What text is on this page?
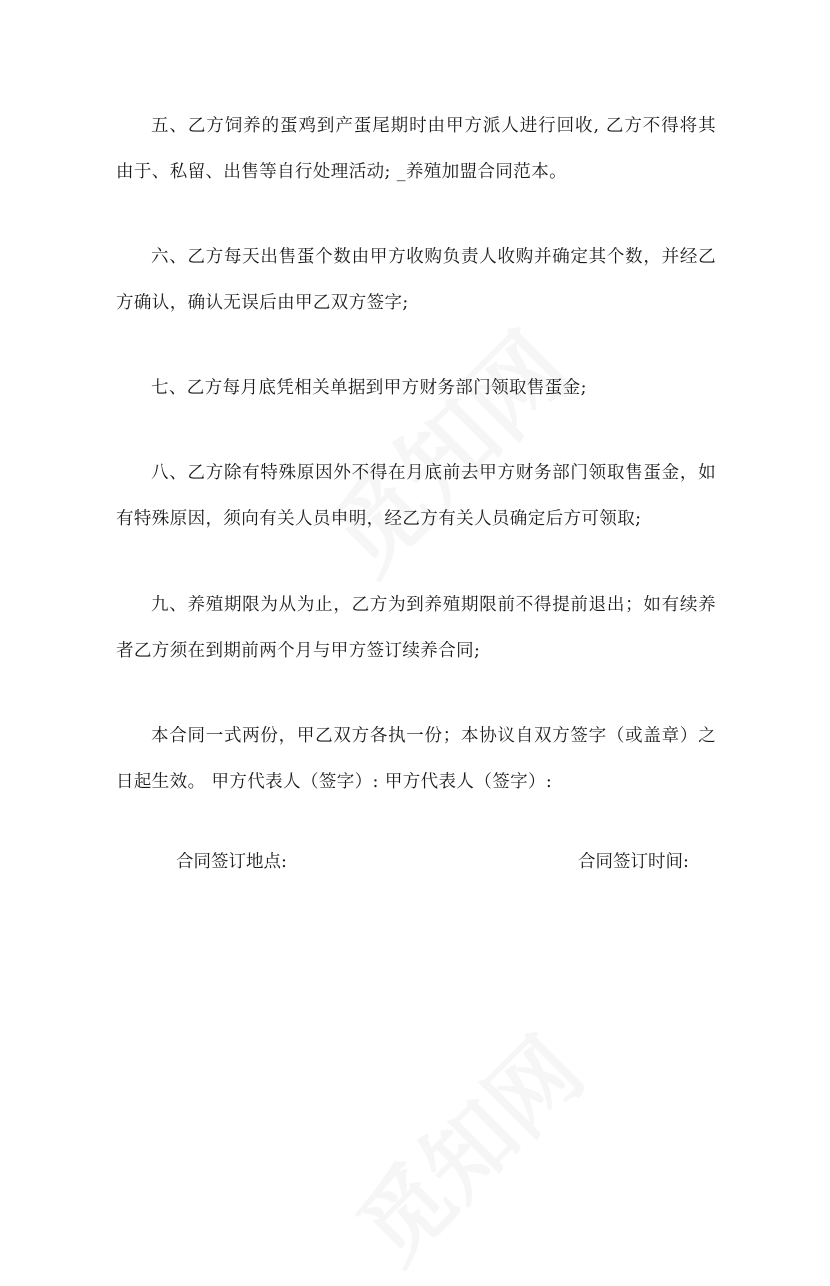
五、乙方饲养的蛋鸡到产蛋尾期时由甲方派人进行回收, 乙方不得将其由于、私留、出售等自行处理活动; _养殖加盟合同范本。

六、乙方每天出售蛋个数由甲方收购负责人收购并确定其个数，并经乙方确认，确认无误后由甲乙双方签字;

七、乙方每月底凭相关单据到甲方财务部门领取售蛋金;

八、乙方除有特殊原因外不得在月底前去甲方财务部门领取售蛋金，如有特殊原因，须向有关人员申明，经乙方有关人员确定后方可领取;

九、养殖期限为从为止，乙方为到养殖期限前不得提前退出；如有续养者乙方须在到期前两个月与甲方签订续养合同;

本合同一式两份，甲乙双方各执一份；本协议自双方签字（或盖章）之日起生效。 甲方代表人（签字）: 甲方代表人（签字）:

合同签订地点:	合同签订时间:
